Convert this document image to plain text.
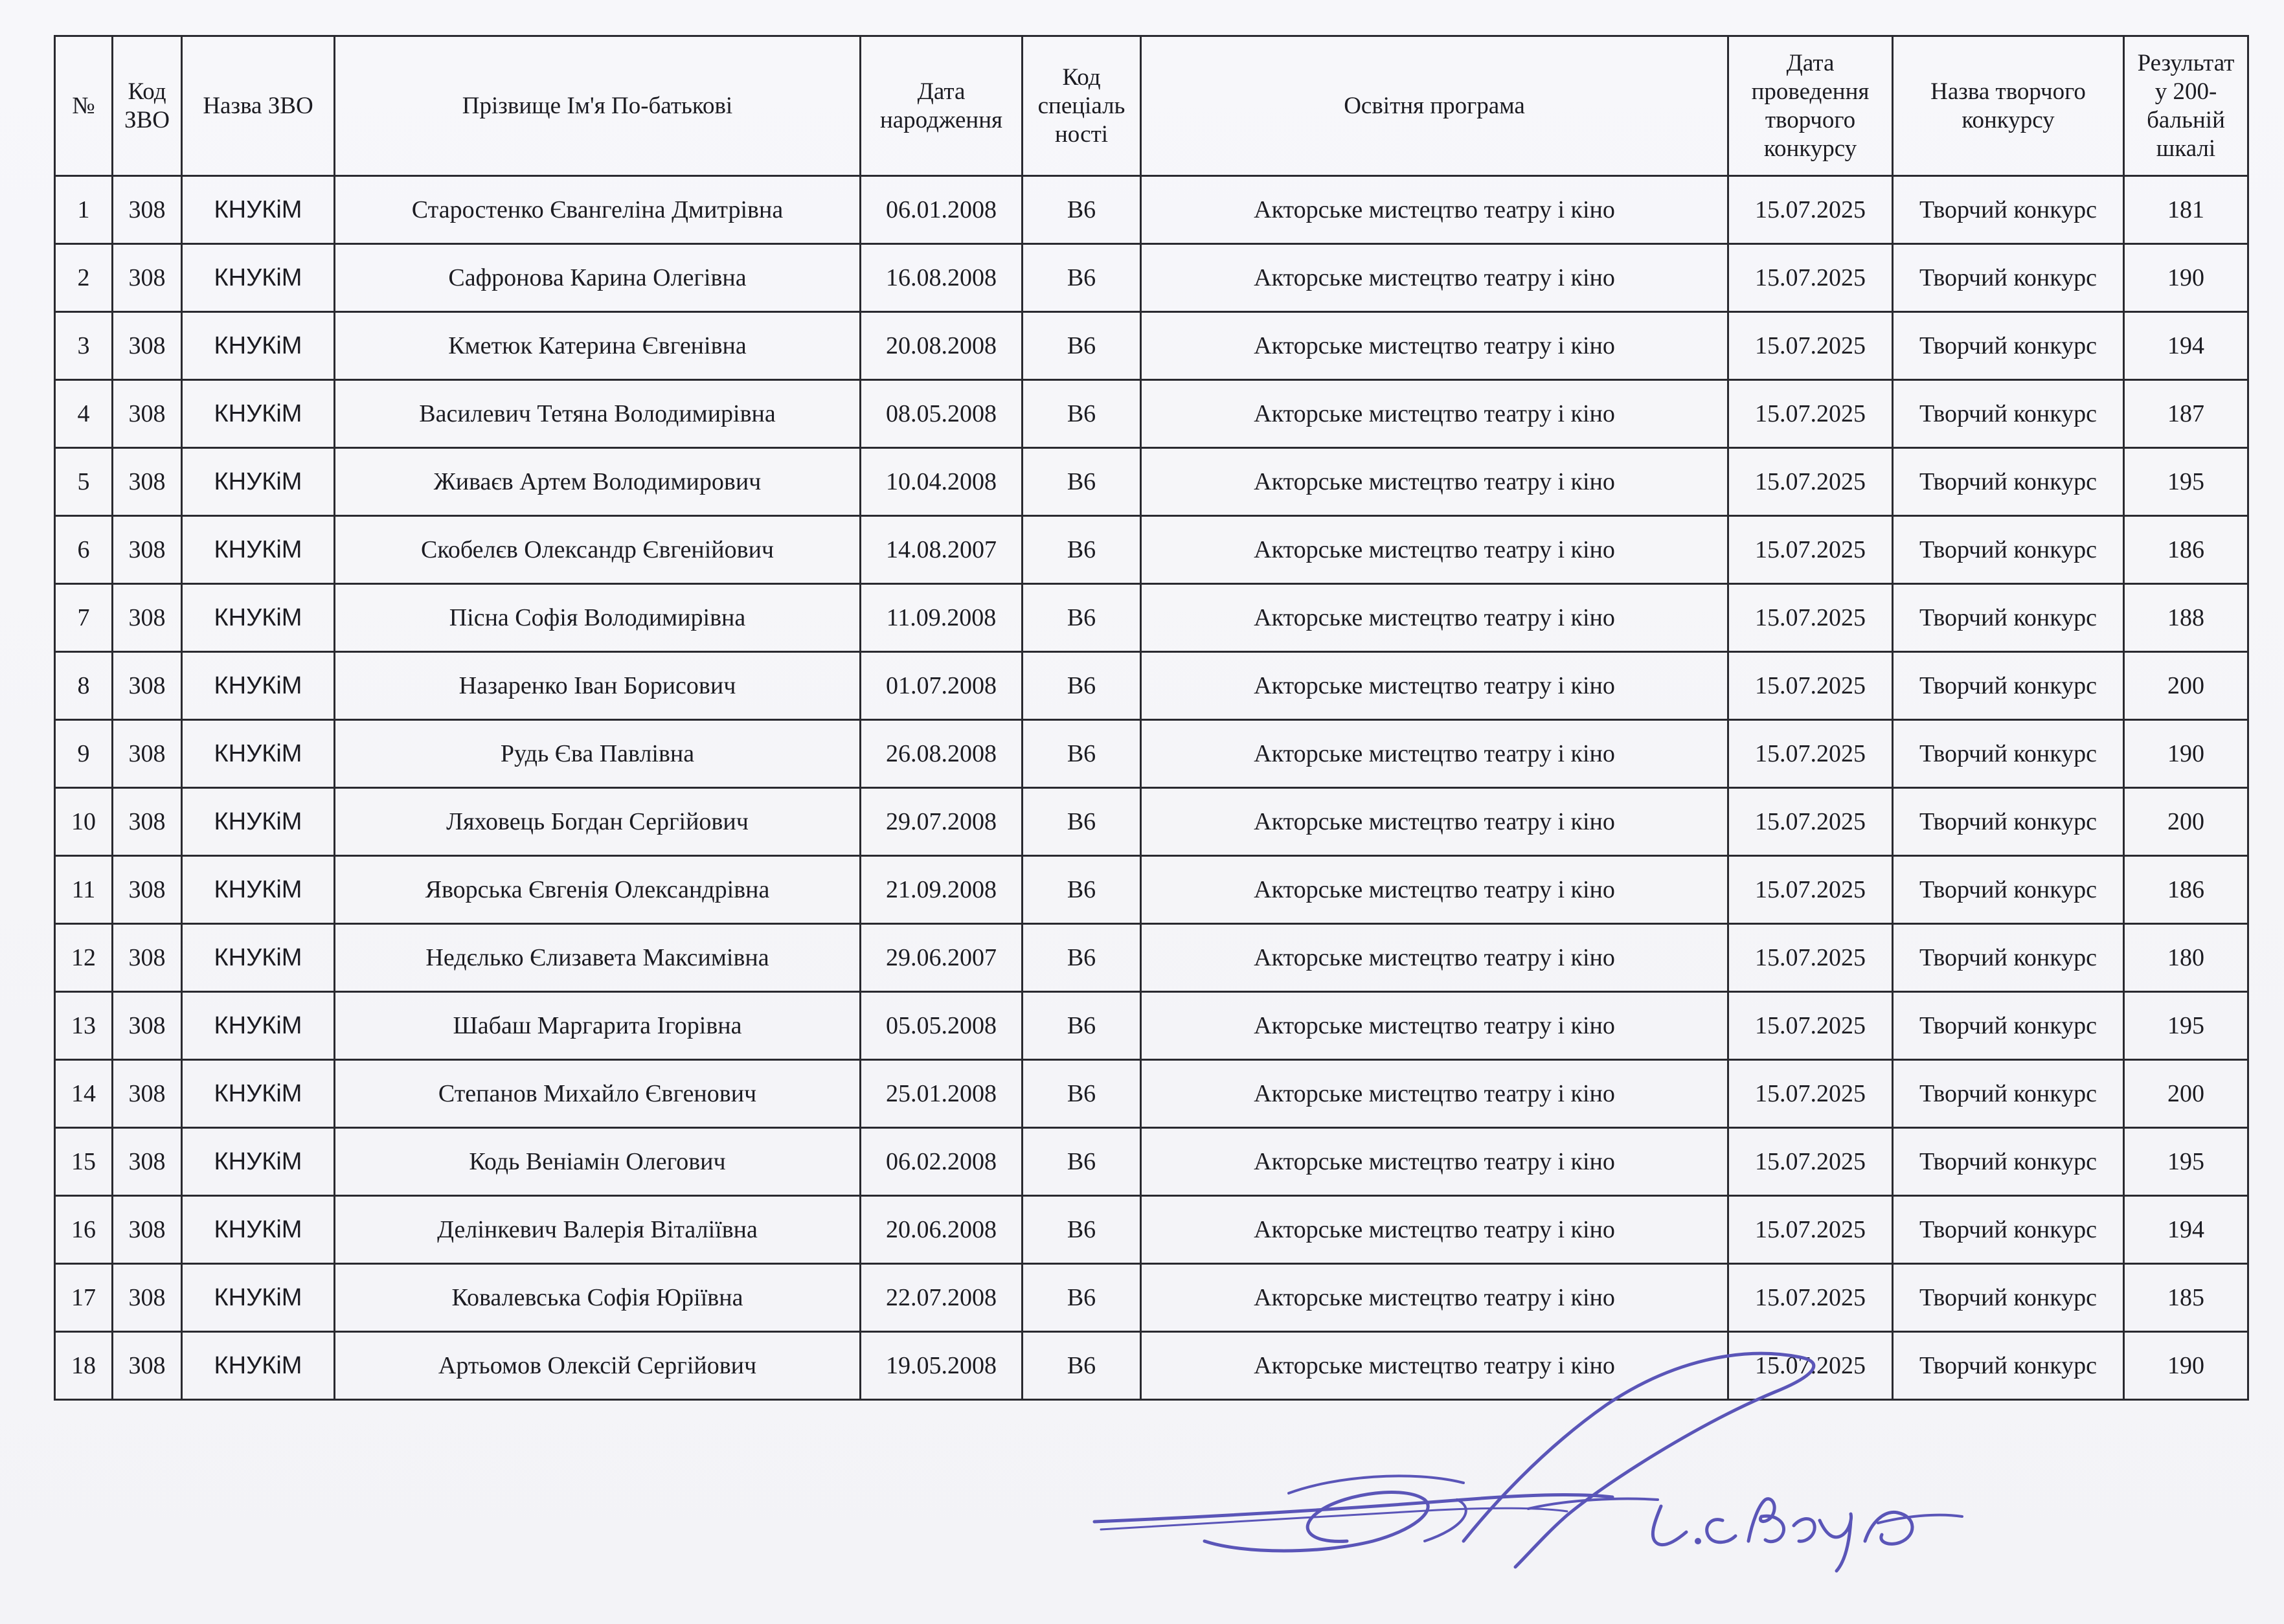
№	Код ЗВО	Назва ЗВО	Прізвище Ім'я По-батькові	Дата народження	Код спеціаль ності	Освітня програма	Дата проведення творчого конкурсу	Назва творчого конкурсу	Результат у 200-бальній шкалі
1	308	КНУКіМ	Старостенко Євангеліна Дмитрівна	06.01.2008	В6	Акторське мистецтво театру і кіно	15.07.2025	Творчий конкурс	181
2	308	КНУКіМ	Сафронова Карина Олегівна	16.08.2008	В6	Акторське мистецтво театру і кіно	15.07.2025	Творчий конкурс	190
3	308	КНУКіМ	Кметюк Катерина Євгенівна	20.08.2008	В6	Акторське мистецтво театру і кіно	15.07.2025	Творчий конкурс	194
4	308	КНУКіМ	Василевич Тетяна Володимирівна	08.05.2008	В6	Акторське мистецтво театру і кіно	15.07.2025	Творчий конкурс	187
5	308	КНУКіМ	Живаєв Артем Володимирович	10.04.2008	В6	Акторське мистецтво театру і кіно	15.07.2025	Творчий конкурс	195
6	308	КНУКіМ	Скобелєв Олександр Євгенійович	14.08.2007	В6	Акторське мистецтво театру і кіно	15.07.2025	Творчий конкурс	186
7	308	КНУКіМ	Пісна Софія Володимирівна	11.09.2008	В6	Акторське мистецтво театру і кіно	15.07.2025	Творчий конкурс	188
8	308	КНУКіМ	Назаренко Іван Борисович	01.07.2008	В6	Акторське мистецтво театру і кіно	15.07.2025	Творчий конкурс	200
9	308	КНУКіМ	Рудь Єва Павлівна	26.08.2008	В6	Акторське мистецтво театру і кіно	15.07.2025	Творчий конкурс	190
10	308	КНУКіМ	Ляховець Богдан Сергійович	29.07.2008	В6	Акторське мистецтво театру і кіно	15.07.2025	Творчий конкурс	200
11	308	КНУКіМ	Яворська Євгенія Олександрівна	21.09.2008	В6	Акторське мистецтво театру і кіно	15.07.2025	Творчий конкурс	186
12	308	КНУКіМ	Недєлько Єлизавета Максимівна	29.06.2007	В6	Акторське мистецтво театру і кіно	15.07.2025	Творчий конкурс	180
13	308	КНУКіМ	Шабаш Маргарита Ігорівна	05.05.2008	В6	Акторське мистецтво театру і кіно	15.07.2025	Творчий конкурс	195
14	308	КНУКіМ	Степанов Михайло Євгенович	25.01.2008	В6	Акторське мистецтво театру і кіно	15.07.2025	Творчий конкурс	200
15	308	КНУКіМ	Кодь Веніамін Олегович	06.02.2008	В6	Акторське мистецтво театру і кіно	15.07.2025	Творчий конкурс	195
16	308	КНУКіМ	Делінкевич Валерія Віталіївна	20.06.2008	В6	Акторське мистецтво театру і кіно	15.07.2025	Творчий конкурс	194
17	308	КНУКіМ	Ковалевська Софія Юріївна	22.07.2008	В6	Акторське мистецтво театру і кіно	15.07.2025	Творчий конкурс	185
18	308	КНУКіМ	Артьомов Олексій Сергійович	19.05.2008	В6	Акторське мистецтво театру і кіно	15.07.2025	Творчий конкурс	190
